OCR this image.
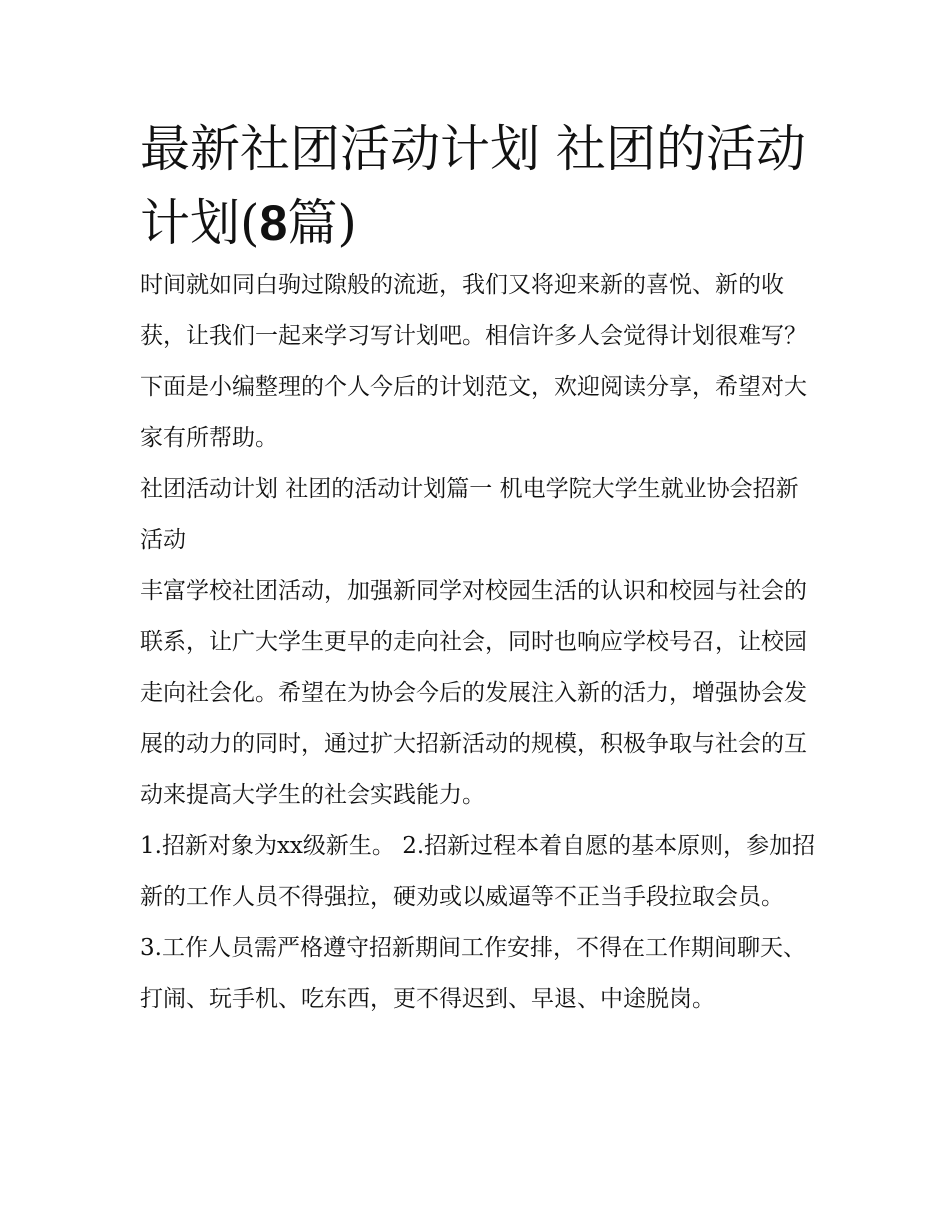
最新社团活动计划 社团的活动计划(8篇)

时间就如同白驹过隙般的流逝，我们又将迎来新的喜悦、新的收获，让我们一起来学习写计划吧。相信许多人会觉得计划很难写？下面是小编整理的个人今后的计划范文，欢迎阅读分享，希望对大家有所帮助。

社团活动计划 社团的活动计划篇一 机电学院大学生就业协会招新活动

丰富学校社团活动，加强新同学对校园生活的认识和校园与社会的联系，让广大学生更早的走向社会，同时也响应学校号召，让校园走向社会化。希望在为协会今后的发展注入新的活力，增强协会发展的动力的同时，通过扩大招新活动的规模，积极争取与社会的互动来提高大学生的社会实践能力。

1.招新对象为xx级新生。 2.招新过程本着自愿的基本原则，参加招新的工作人员不得强拉，硬劝或以威逼等不正当手段拉取会员。

3.工作人员需严格遵守招新期间工作安排，不得在工作期间聊天、打闹、玩手机、吃东西，更不得迟到、早退、中途脱岗。
